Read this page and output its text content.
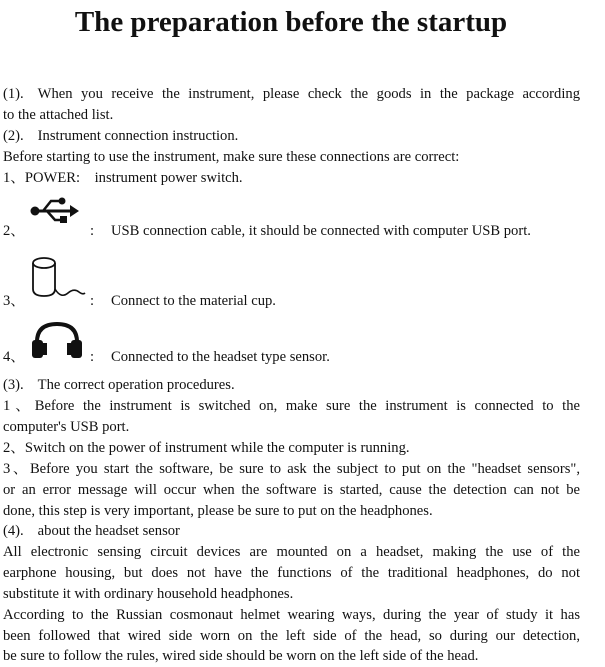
The preparation before the startup
(1). When you receive the instrument, please check the goods in the package according
to the attached list.
(2). Instrument connection instruction.
Before starting to use the instrument, make sure these connections are correct:
1、POWER:    instrument power switch.
2、	: USB connection cable, it should be connected with computer USB port.
3、	: Connect to the material cup.
4、	: Connected to the headset type sensor.
(3). The correct operation procedures.
1、Before the instrument is switched on, make sure the instrument is connected to the
computer's USB port.
2、Switch on the power of instrument while the computer is running.
3、Before you start the software, be sure to ask the subject to put on the "headset sensors",
or an error message will occur when the software is started, cause the detection can not be
done, this step is very important, please be sure to put on the headphones.
(4). about the headset sensor
All electronic sensing circuit devices are mounted on a headset, making the use of the
earphone housing, but does not have the functions of the traditional headphones, do not
substitute it with ordinary household headphones.
According to the Russian cosmonaut helmet wearing ways, during the year of study it has
been followed that wired side worn on the left side of the head, so during our detection,
be sure to follow the rules, wired side should be worn on the left side of the head.
